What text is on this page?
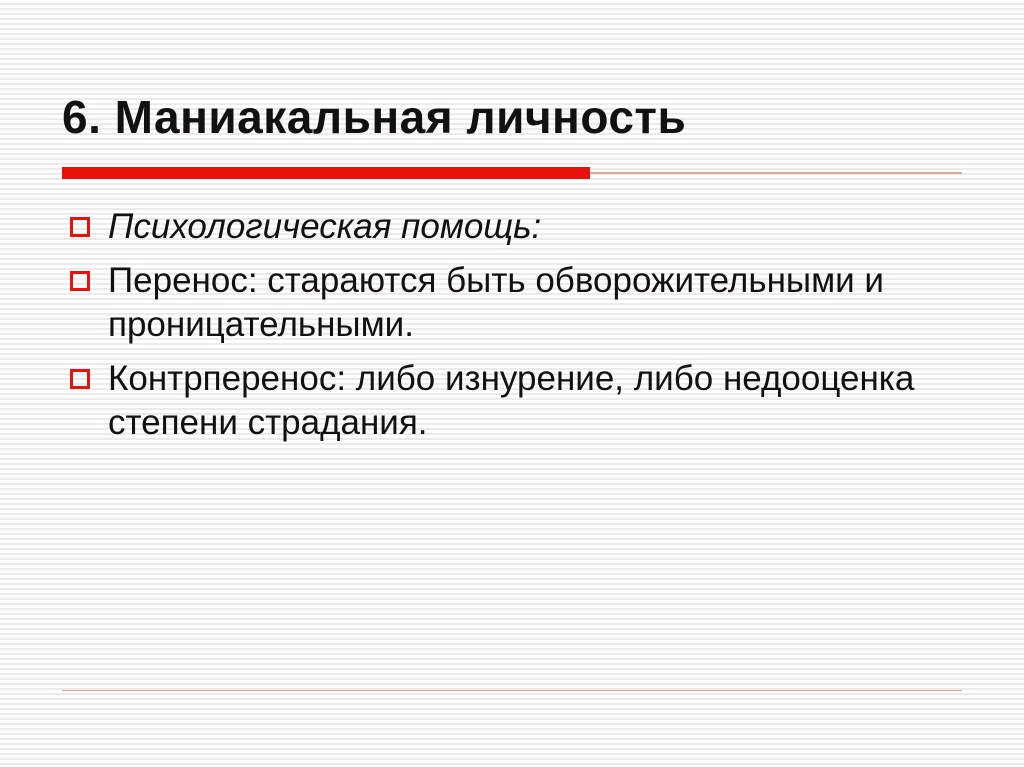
6. Маниакальная личность
Психологическая помощь:
Перенос: стараются быть обворожительными и проницательными.
Контрперенос: либо изнурение, либо недооценка степени страдания.
